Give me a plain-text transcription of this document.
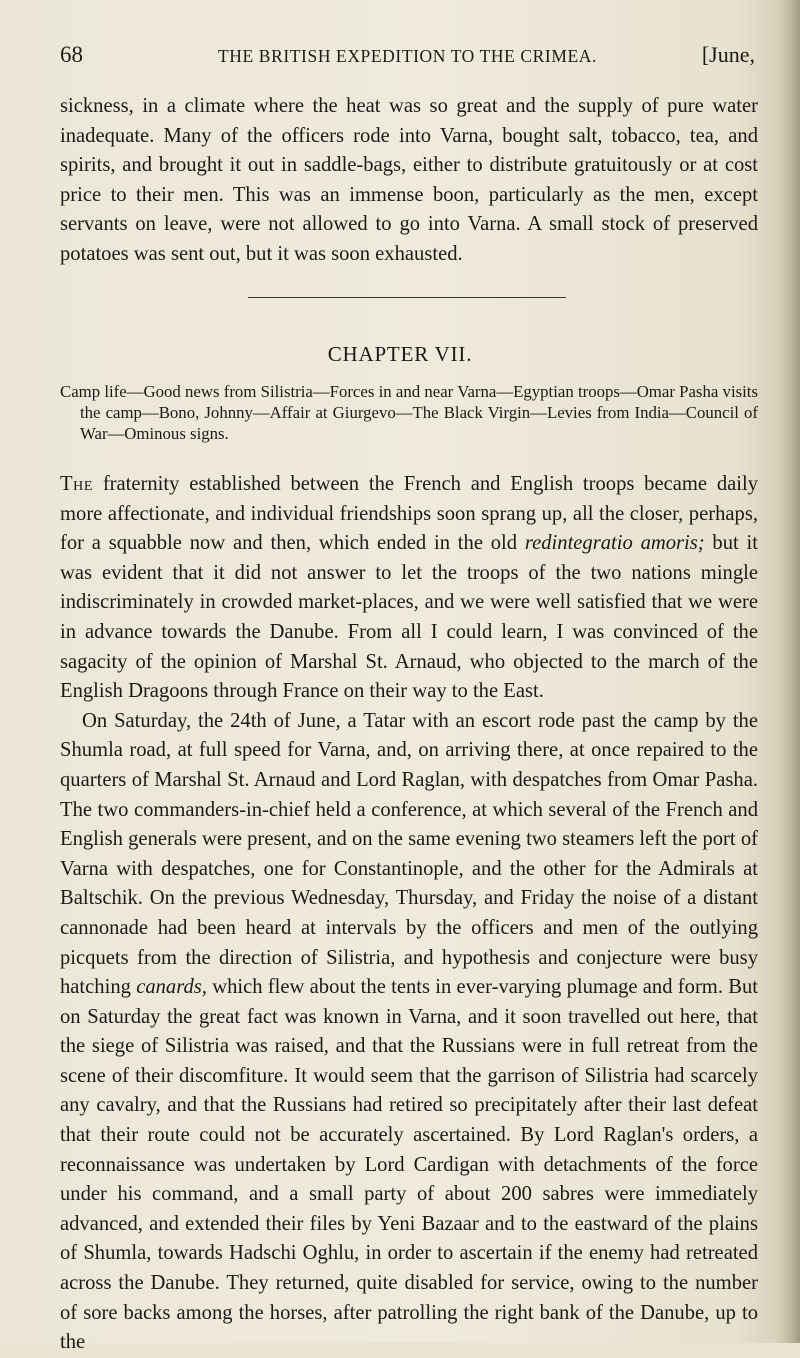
68	THE BRITISH EXPEDITION TO THE CRIMEA.	[June,

sickness, in a climate where the heat was so great and the supply of pure water inadequate. Many of the officers rode into Varna, bought salt, tobacco, tea, and spirits, and brought it out in saddle-bags, either to distribute gratuitously or at cost price to their men. This was an immense boon, particularly as the men, except servants on leave, were not allowed to go into Varna. A small stock of preserved potatoes was sent out, but it was soon exhausted.

CHAPTER VII.
Camp life—Good news from Silistria—Forces in and near Varna—Egyptian troops—Omar Pasha visits the camp—Bono, Johnny—Affair at Giurgevo—The Black Virgin—Levies from India—Council of War—Ominous signs.

The fraternity established between the French and English troops became daily more affectionate, and individual friendships soon sprang up, all the closer, perhaps, for a squabble now and then, which ended in the old redintegratio amoris; but it was evident that it did not answer to let the troops of the two nations mingle indiscriminately in crowded market-places, and we were well satisfied that we were in advance towards the Danube. From all I could learn, I was convinced of the sagacity of the opinion of Marshal St. Arnaud, who objected to the march of the English Dragoons through France on their way to the East.

On Saturday, the 24th of June, a Tatar with an escort rode past the camp by the Shumla road, at full speed for Varna, and, on arriving there, at once repaired to the quarters of Marshal St. Arnaud and Lord Raglan, with despatches from Omar Pasha. The two commanders-in-chief held a conference, at which several of the French and English generals were present, and on the same evening two steamers left the port of Varna with despatches, one for Constantinople, and the other for the Admirals at Baltschik. On the previous Wednesday, Thursday, and Friday the noise of a distant cannonade had been heard at intervals by the officers and men of the outlying picquets from the direction of Silistria, and hypothesis and conjecture were busy hatching canards, which flew about the tents in ever-varying plumage and form. But on Saturday the great fact was known in Varna, and it soon travelled out here, that the siege of Silistria was raised, and that the Russians were in full retreat from the scene of their discomfiture. It would seem that the garrison of Silistria had scarcely any cavalry, and that the Russians had retired so precipitately after their last defeat that their route could not be accurately ascertained. By Lord Raglan's orders, a reconnaissance was undertaken by Lord Cardigan with detachments of the force under his command, and a small party of about 200 sabres were immediately advanced, and extended their files by Yeni Bazaar and to the eastward of the plains of Shumla, towards Hadschi Oghlu, in order to ascertain if the enemy had retreated across the Danube. They returned, quite disabled for service, owing to the number of sore backs among the horses, after patrolling the right bank of the Danube, up to the
